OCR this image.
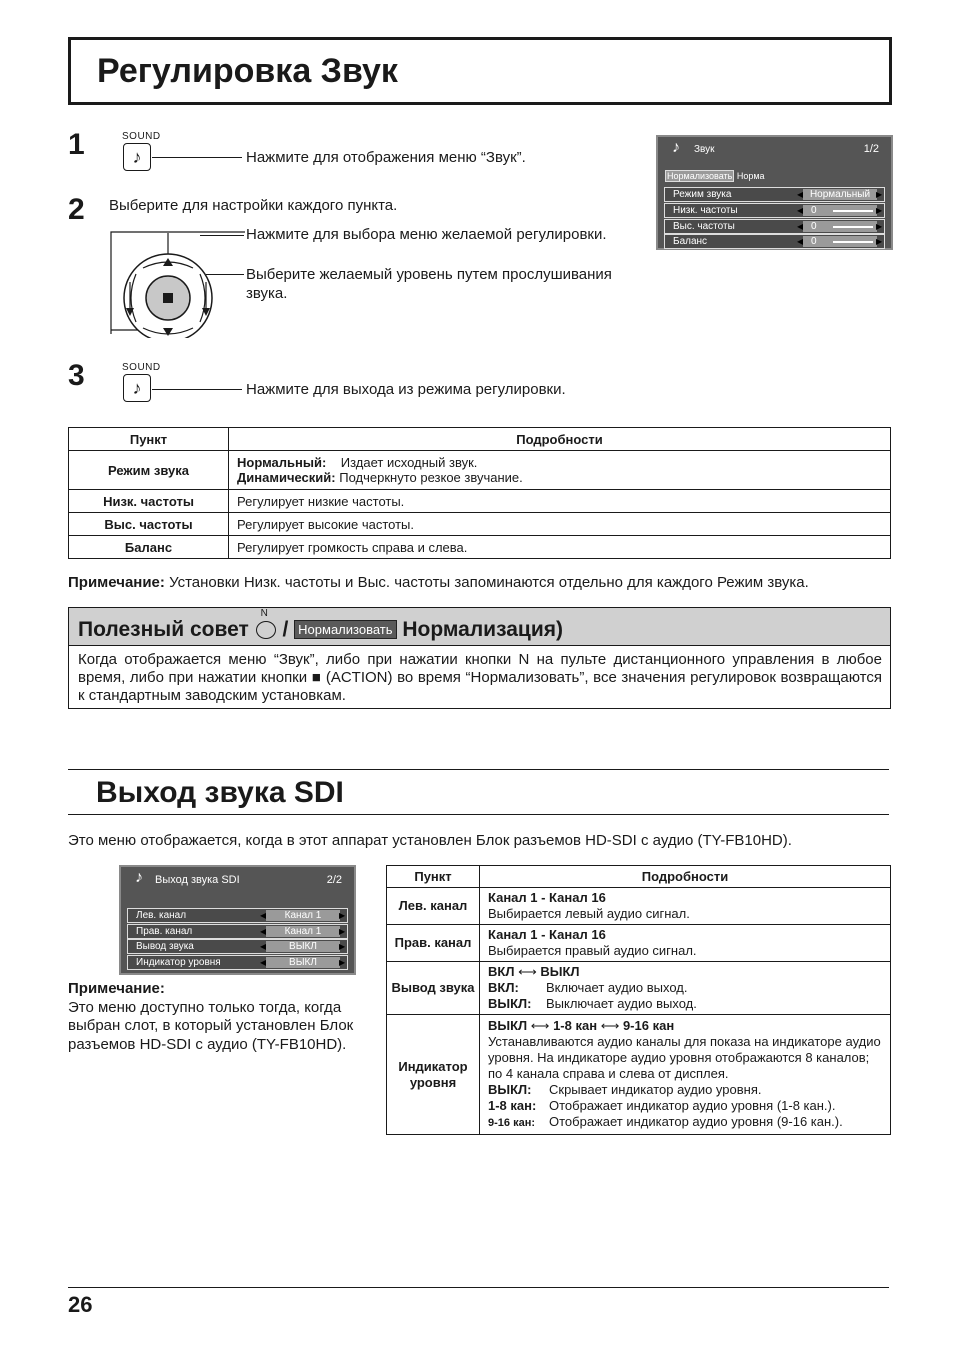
Регулировка Звук
1	SOUND
♪	Нажмите для отображения меню “Звук”.
2 Выберите для настройки каждого пункта.
Нажмите для выбора меню желаемой регулировки.
Выберите желаемый уровень путем прослушивания звука.
3	SOUND
♪	Нажмите для выхода из режима регулировки.
♪ Звук	1/2
Нормализовать Норма
Режим звука	◀ Нормальный ▶
Низк. частоты	◀ 0	▶
Выс. частоты	◀ 0	▶
Баланс	◀ 0	▶
Пункт	Подробности
Режим звука	Нормальный: Издает исходный звук.
Динамический: Подчеркнуто резкое звучание.

Низк. частоты	Регулирует низкие частоты.
Выс. частоты	Регулирует высокие частоты.
Баланс	Регулирует громкость справа и слева.
Примечание: Установки Низк. частоты и Выс. частоты запоминаются отдельно для каждого Режим звука.
Полезный совет
N
/ Нормализовать Нормализация)
Когда отображается меню “Звук”, либо при нажатии кнопки N на пульте дистанционного управления в любое время, либо при нажатии кнопки ■ (ACTION) во время “Нормализовать”, все значения регулировок возвращаются к стандартным заводским установкам.
Выход звука SDI
Это меню отображается, когда в этот аппарат установлен Блок разъемов HD-SDI с аудио (TY-FB10HD).
♪ Выход звука SDI	2/2
Лев. канал	◀	Канал 1	▶
Прав. канал	◀	Канал 1	▶
Вывод звука	◀	ВЫКЛ	▶
Индикатор уровня	◀	ВЫКЛ	▶
Примечание:
Это меню доступно только тогда, когда выбран слот, в который установлен Блок разъемов HD-SDI с аудио (TY-FB10HD).
Пункт	Подробности
Лев. канал	Канал 1 - Канал 16
Выбирается левый аудио сигнал.

Прав. канал	Канал 1 - Канал 16
Выбирается правый аудио сигнал.

Вывод звука	ВКЛ ⟷ ВЫКЛ
ВКЛ: Включает аудио выход.
ВЫКЛ: Выключает аудио выход.

Индикатор уровня	ВЫКЛ ⟷ 1-8 кан ⟷ 9-16 кан
Устанавливаются аудио каналы для показа на индикаторе аудио уровня. На индикаторе аудио уровня отображаются 8 каналов; по 4 канала справа и слева от дисплея.
ВЫКЛ: Скрывает индикатор аудио уровня.
1-8 кан: Отображает индикатор аудио уровня (1-8 кан.).
9-16 кан: Отображает индикатор аудио уровня (9-16 кан.).
26
